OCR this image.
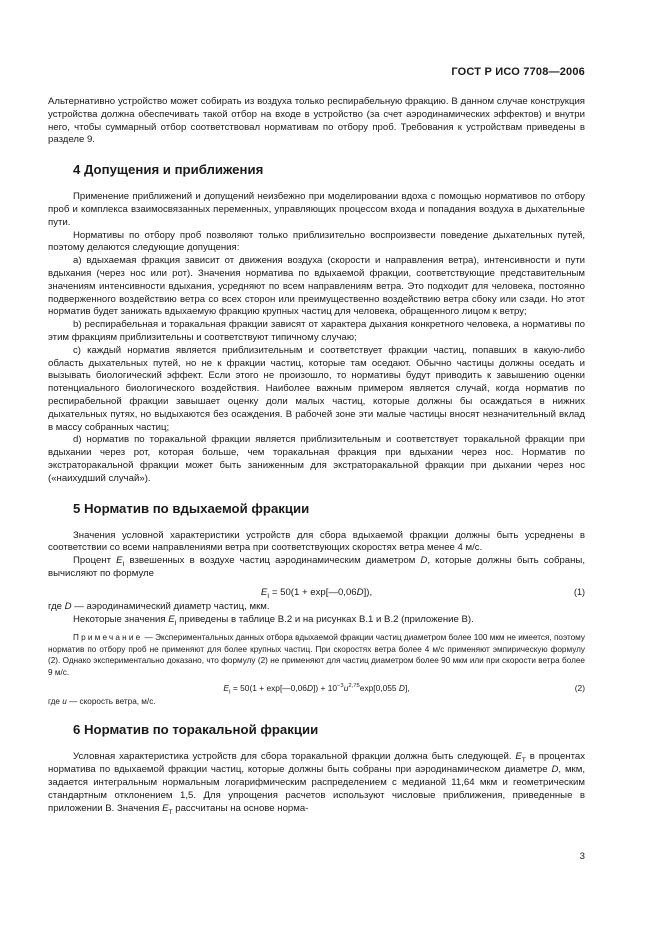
ГОСТ Р ИСО 7708—2006

Альтернативно устройство может собирать из воздуха только респирабельную фракцию. В данном случае конструкция устройства должна обеспечивать такой отбор на входе в устройство (за счет аэродинамических эффектов) и внутри него, чтобы суммарный отбор соответствовал нормативам по отбору проб. Требования к устройствам приведены в разделе 9.

4 Допущения и приближения

Применение приближений и допущений неизбежно при моделировании вдоха с помощью нормативов по отбору проб и комплекса взаимосвязанных переменных, управляющих процессом входа и попадания воздуха в дыхательные пути.

Нормативы по отбору проб позволяют только приблизительно воспроизвести поведение дыхательных путей, поэтому делаются следующие допущения:

а) вдыхаемая фракция зависит от движения воздуха (скорости и направления ветра), интенсивности и пути вдыхания (через нос или рот). Значения норматива по вдыхаемой фракции, соответствующие представительным значениям интенсивности вдыхания, усредняют по всем направлениям ветра. Это подходит для человека, постоянно подверженного воздействию ветра со всех сторон или преимущественно воздействию ветра сбоку или сзади. Но этот норматив будет занижать вдыхаемую фракцию крупных частиц для человека, обращенного лицом к ветру;

b) респирабельная и торакальная фракции зависят от характера дыхания конкретного человека, а нормативы по этим фракциям приблизительны и соответствуют типичному случаю;

с) каждый норматив является приблизительным и соответствует фракции частиц, попавших в какую-либо область дыхательных путей, но не к фракции частиц, которые там оседают. Обычно частицы должны оседать и вызывать биологический эффект. Если этого не произошло, то нормативы будут приводить к завышению оценки потенциального биологического воздействия. Наиболее важным примером является случай, когда норматив по респирабельной фракции завышает оценку доли малых частиц, которые должны бы осаждаться в нижних дыхательных путях, но выдыхаются без осаждения. В рабочей зоне эти малые частицы вносят незначительный вклад в массу собранных частиц;

d) норматив по торакальной фракции является приблизительным и соответствует торакальной фракции при вдыхании через рот, которая больше, чем торакальная фракция при вдыхании через нос. Норматив по экстраторакальной фракции может быть заниженным для экстраторакальной фракции при дыхании через нос («наихудший случай»).

5 Норматив по вдыхаемой фракции

Значения условной характеристики устройств для сбора вдыхаемой фракции должны быть усреднены в соответствии со всеми направлениями ветра при соответствующих скоростях ветра менее 4 м/с.

Процент $E_I$ взвешенных в воздухе частиц аэродинамическим диаметром D, которые должны быть собраны, вычисляют по формуле

$E_I = 50(1$ + exp[—0,06D]),	(1)

где D — аэродинамический диаметр частиц, мкм.

Некоторые значения $E_I$ приведены в таблице В.2 и на рисунках В.1 и В.2 (приложение В).

Примечание — Экспериментальных данных отбора вдыхаемой фракции частиц диаметром более 100 мкм не имеется, поэтому норматив по отбору проб не применяют для более крупных частиц. При скоростях ветра более 4 м/с применяют эмпирическую формулу (2). Однако экспериментально доказано, что формулу (2) не применяют для частиц диаметром более 90 мкм или при скорости ветра более 9 м/с.

$E_I = 50(1$ + exp[—0,06D]) + $10^{-3}u^{2,75}\exp[0,055$ D],	(2)

где u — скорость ветра, м/с.

6 Норматив по торакальной фракции

Условная характеристика устройств для сбора торакальной фракции должна быть следующей. $E_T$ в процентах норматива по вдыхаемой фракции частиц, которые должны быть собраны при аэродинамическом диаметре D, мкм, задается интегральным нормальным логарифмическим распределением с медианой 11,64 мкм и геометрическим стандартным отклонением 1,5. Для упрощения расчетов используют числовые приближения, приведенные в приложении В. Значения $E_T$ рассчитаны на основе норма-

3
